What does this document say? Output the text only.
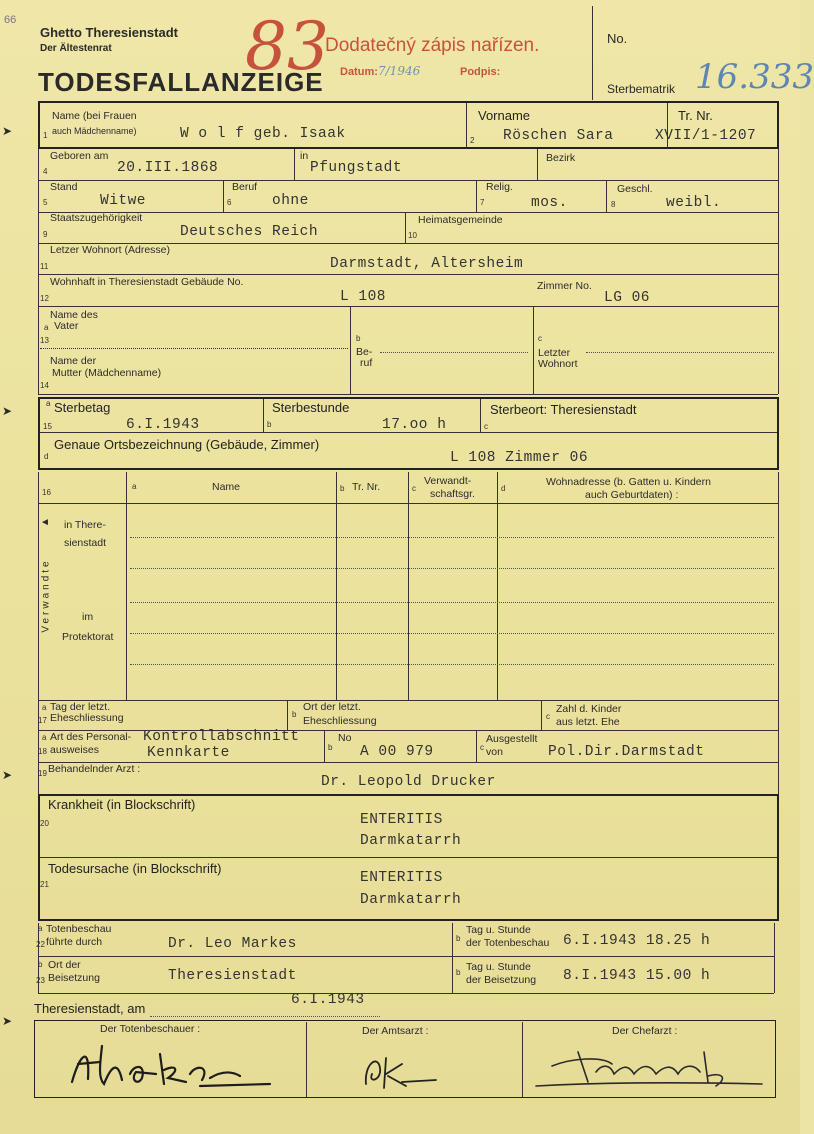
➤
➤
➤
➤
66
Ghetto Theresienstadt
Der Ältestenrat
TODESFALLANZEIGE
83
Dodatečný zápis nařízen.
Datum: 7/1946	Podpis:
No.
Sterbematrik 16.333
Name (bei Frauen
1 auch Mädchenname)	W o l f geb. Isaak
Vorname
2 Röschen Sara
Tr. Nr.
XVII/1-1207
Geboren am
4	20.III.1868
in
Pfungstadt
Bezirk
Stand
5	Witwe
Beruf
6	ohne
Relig.
7	mos.
Geschl.
8	weibl.
Staatszugehörigkeit
9	Deutsches Reich
Heimatsgemeinde
10
Letzer Wohnort (Adresse)
11	Darmstadt, Altersheim
Wohnhaft in Theresienstadt Gebäude No.
12	L 108
Zimmer No.
LG 06
Name des
a Vater
13
Name der
Mutter (Mädchenname)
14
b
Be-
ruf
c
Letzter
Wohnort
a Sterbetag
15	6.I.1943
Sterbestunde
b	17.oo h
Sterbeort: Theresienstadt
c
d
Genaue Ortsbezeichnung (Gebäude, Zimmer)
L 108 Zimmer 06
16
a	Name	b Tr. Nr.	c
Verwandt-
schaftsgr.	d
Wohnadresse (b. Gatten u. Kindern
auch Geburtdaten) :
Verwandte
◄ in There-
sienstadt
im
Protektorat
a Tag der letzt.
17 Eheschliessung	b
Ort der letzt.
Eheschliessung	c
Zahl d. Kinder
aus letzt. Ehe
a Art des Personal-
18 ausweises
Kontrollabschnitt
Kennkarte	b
No
A 00 979	c
Ausgestellt
von	Pol.Dir.Darmstadt
19 Behandelnder Arzt :
Dr. Leopold Drucker
Krankheit (in Blockschrift)
20	ENTERITIS
Darmkatarrh
Todesursache (in Blockschrift)
21	ENTERITIS
Darmkatarrh
a Totenbeschau
22 führte durch	Dr. Leo Markes	b
Tag u. Stunde
der Totenbeschau 6.I.1943 18.25 h
b Ort der
23 Beisetzung	Theresienstadt	b Tag u. Stunde
der Beisetzung 8.I.1943 15.00 h
Theresienstadt, am
6.I.1943
Der Totenbeschauer :	Der Amtsarzt :	Der Chefarzt :
